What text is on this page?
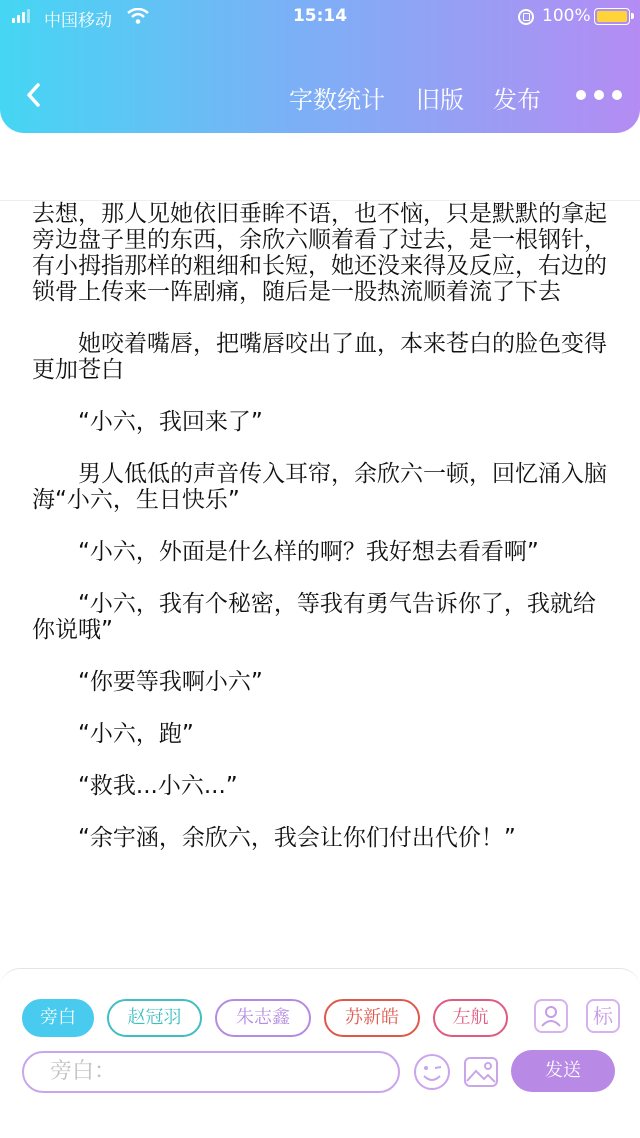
中国移动	15:14	100%
字数统计 旧版 发布

去想，那人见她依旧垂眸不语，也不恼，只是默默的拿起旁边盘子里的东西，余欣六顺着看了过去，是一根钢针，有小拇指那样的粗细和长短，她还没来得及反应，右边的锁骨上传来一阵剧痛，随后是一股热流顺着流了下去

她咬着嘴唇，把嘴唇咬出了血，本来苍白的脸色变得更加苍白

“小六，我回来了”

男人低低的声音传入耳帘，余欣六一顿，回忆涌入脑海“小六，生日快乐”

“小六，外面是什么样的啊？我好想去看看啊”

“小六，我有个秘密，等我有勇气告诉你了，我就给你说哦”

“你要等我啊小六”

“小六，跑”

“救我...小六...”

“余宇涵，余欣六，我会让你们付出代价！”

旁白	赵冠羽	朱志鑫	苏新皓	左航	标
旁白：	发送
